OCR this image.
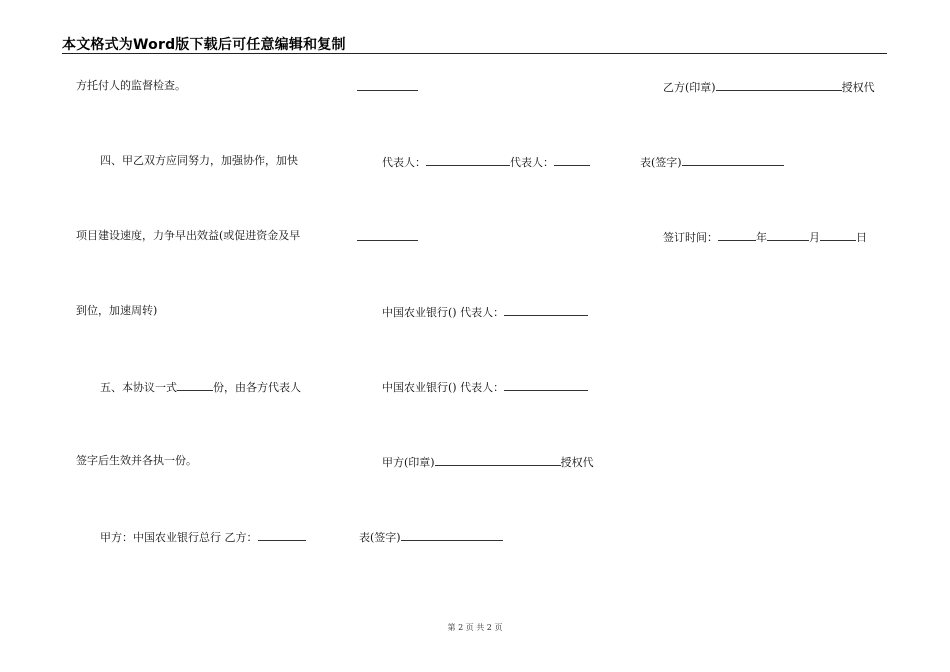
本文格式为Word版下载后可任意编辑和复制
方托付人的监督检查。
四、甲乙双方应同努力，加强协作，加快
项目建设速度，力争早出效益(或促进资金及早
到位，加速周转)
五、本协议一式	份，由各方代表人
签字后生效并各执一份。
甲方：中国农业银行总行 乙方：	表(签字)
代表人：	代表人：
中国农业银行() 代表人：
中国农业银行() 代表人：
甲方(印章)	授权代
乙方(印章)	授权代
表(签字)
签订时间：	年	月	日
第 2 页 共 2 页
